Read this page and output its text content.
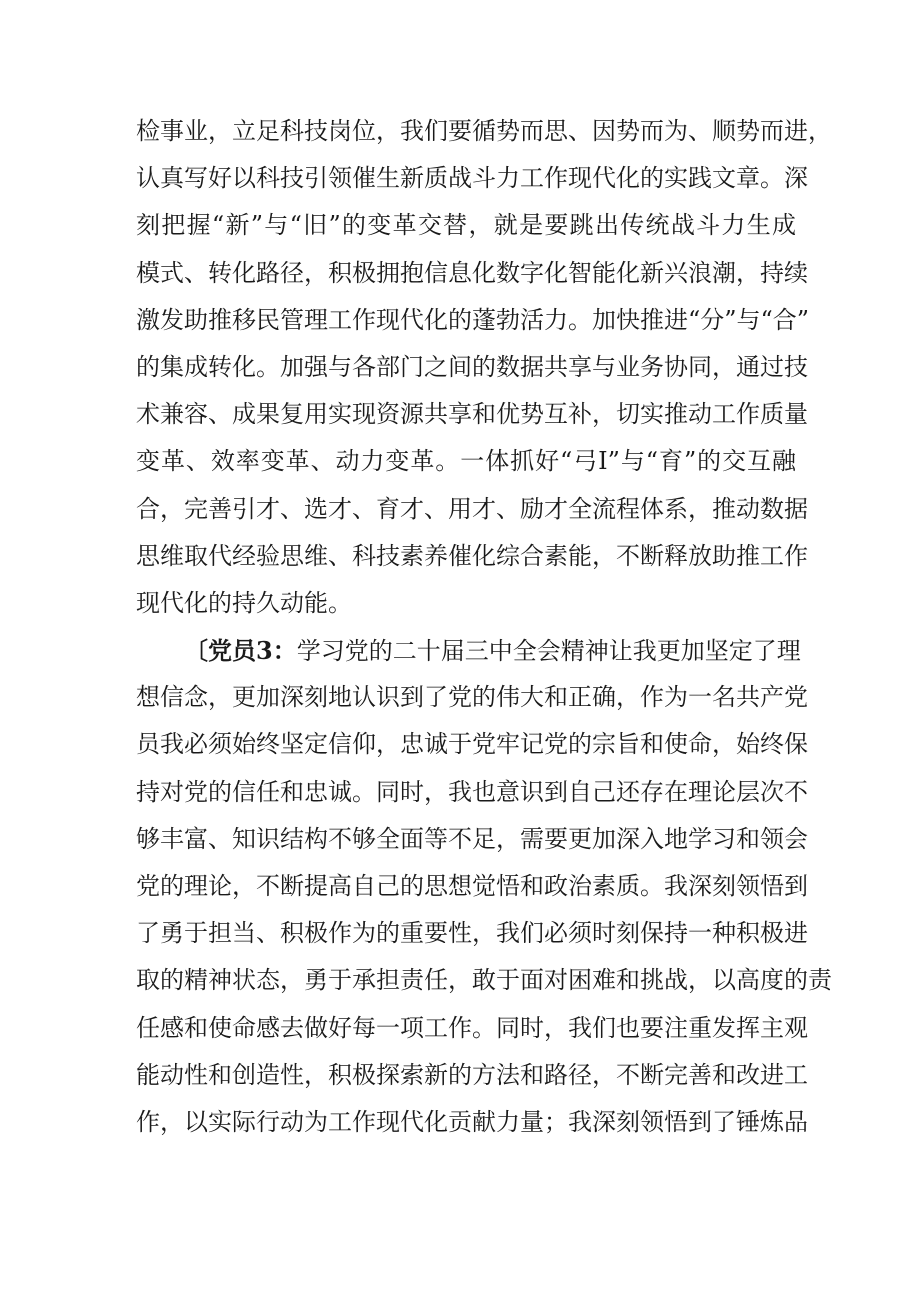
检事业，立足科技岗位，我们要循势而思、因势而为、顺势而进，
认真写好以科技引领催生新质战斗力工作现代化的实践文章。深
刻把握“新”与“旧”的变革交替，就是要跳出传统战斗力生成
模式、转化路径，积极拥抱信息化数字化智能化新兴浪潮，持续
激发助推移民管理工作现代化的蓬勃活力。加快推进“分”与“合”
的集成转化。加强与各部门之间的数据共享与业务协同，通过技
术兼容、成果复用实现资源共享和优势互补，切实推动工作质量
变革、效率变革、动力变革。一体抓好“弓I”与“育”的交互融
合，完善引才、选才、育才、用才、励才全流程体系，推动数据
思维取代经验思维、科技素养催化综合素能，不断释放助推工作
现代化的持久动能。
〔党员3：学习党的二十届三中全会精神让我更加坚定了理
想信念，更加深刻地认识到了党的伟大和正确，作为一名共产党
员我必须始终坚定信仰，忠诚于党牢记党的宗旨和使命，始终保
持对党的信任和忠诚。同时，我也意识到自己还存在理论层次不
够丰富、知识结构不够全面等不足，需要更加深入地学习和领会
党的理论，不断提高自己的思想觉悟和政治素质。我深刻领悟到
了勇于担当、积极作为的重要性，我们必须时刻保持一种积极进
取的精神状态，勇于承担责任，敢于面对困难和挑战，以高度的责
任感和使命感去做好每一项工作。同时，我们也要注重发挥主观
能动性和创造性，积极探索新的方法和路径，不断完善和改进工
作，以实际行动为工作现代化贡献力量；我深刻领悟到了锤炼品
